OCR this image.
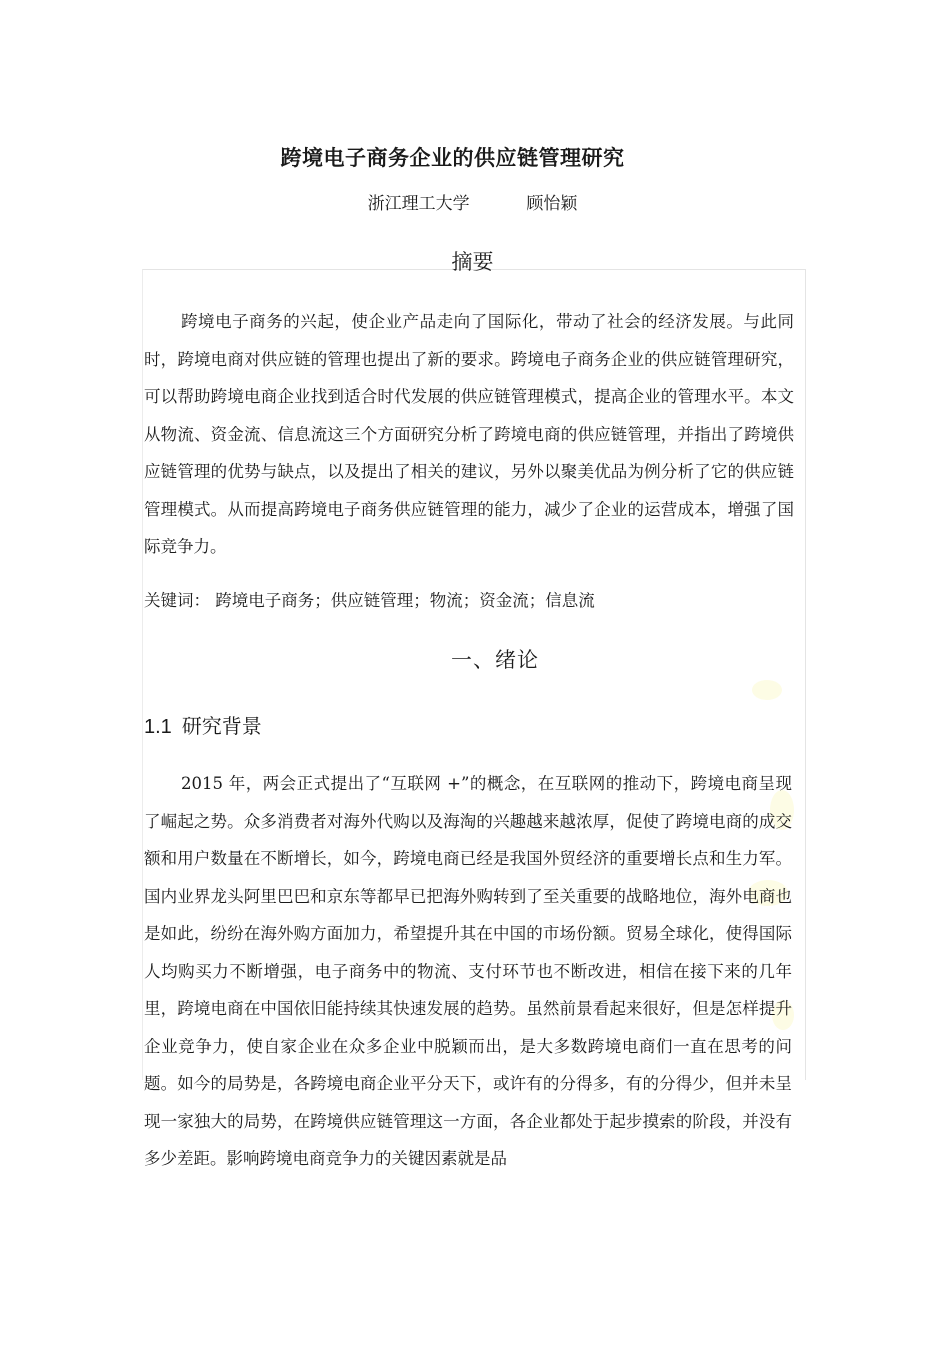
跨境电子商务企业的供应链管理研究
浙江理工大学	顾怡颖
摘要

跨境电子商务的兴起，使企业产品走向了国际化，带动了社会的经济发展。与此同时，跨境电商对供应链的管理也提出了新的要求。跨境电子商务企业的供应链管理研究，可以帮助跨境电商企业找到适合时代发展的供应链管理模式，提高企业的管理水平。本文从物流、资金流、信息流这三个方面研究分析了跨境电商的供应链管理，并指出了跨境供应链管理的优势与缺点，以及提出了相关的建议，另外以聚美优品为例分析了它的供应链管理模式。从而提高跨境电子商务供应链管理的能力，减少了企业的运营成本，增强了国际竞争力。

关键词： 跨境电子商务；供应链管理；物流；资金流；信息流
一、绪论
1.1 研究背景

2015 年，两会正式提出了“互联网 +”的概念，在互联网的推动下，跨境电商呈现了崛起之势。众多消费者对海外代购以及海淘的兴趣越来越浓厚，促使了跨境电商的成交额和用户数量在不断增长，如今，跨境电商已经是我国外贸经济的重要增长点和生力军。国内业界龙头阿里巴巴和京东等都早已把海外购转到了至关重要的战略地位，海外电商也是如此，纷纷在海外购方面加力，希望提升其在中国的市场份额。贸易全球化，使得国际人均购买力不断增强，电子商务中的物流、支付环节也不断改进，相信在接下来的几年里，跨境电商在中国依旧能持续其快速发展的趋势。虽然前景看起来很好，但是怎样提升企业竞争力，使自家企业在众多企业中脱颖而出，是大多数跨境电商们一直在思考的问题。如今的局势是，各跨境电商企业平分天下，或许有的分得多，有的分得少，但并未呈现一家独大的局势，在跨境供应链管理这一方面，各企业都处于起步摸索的阶段，并没有多少差距。影响跨境电商竞争力的关键因素就是品
